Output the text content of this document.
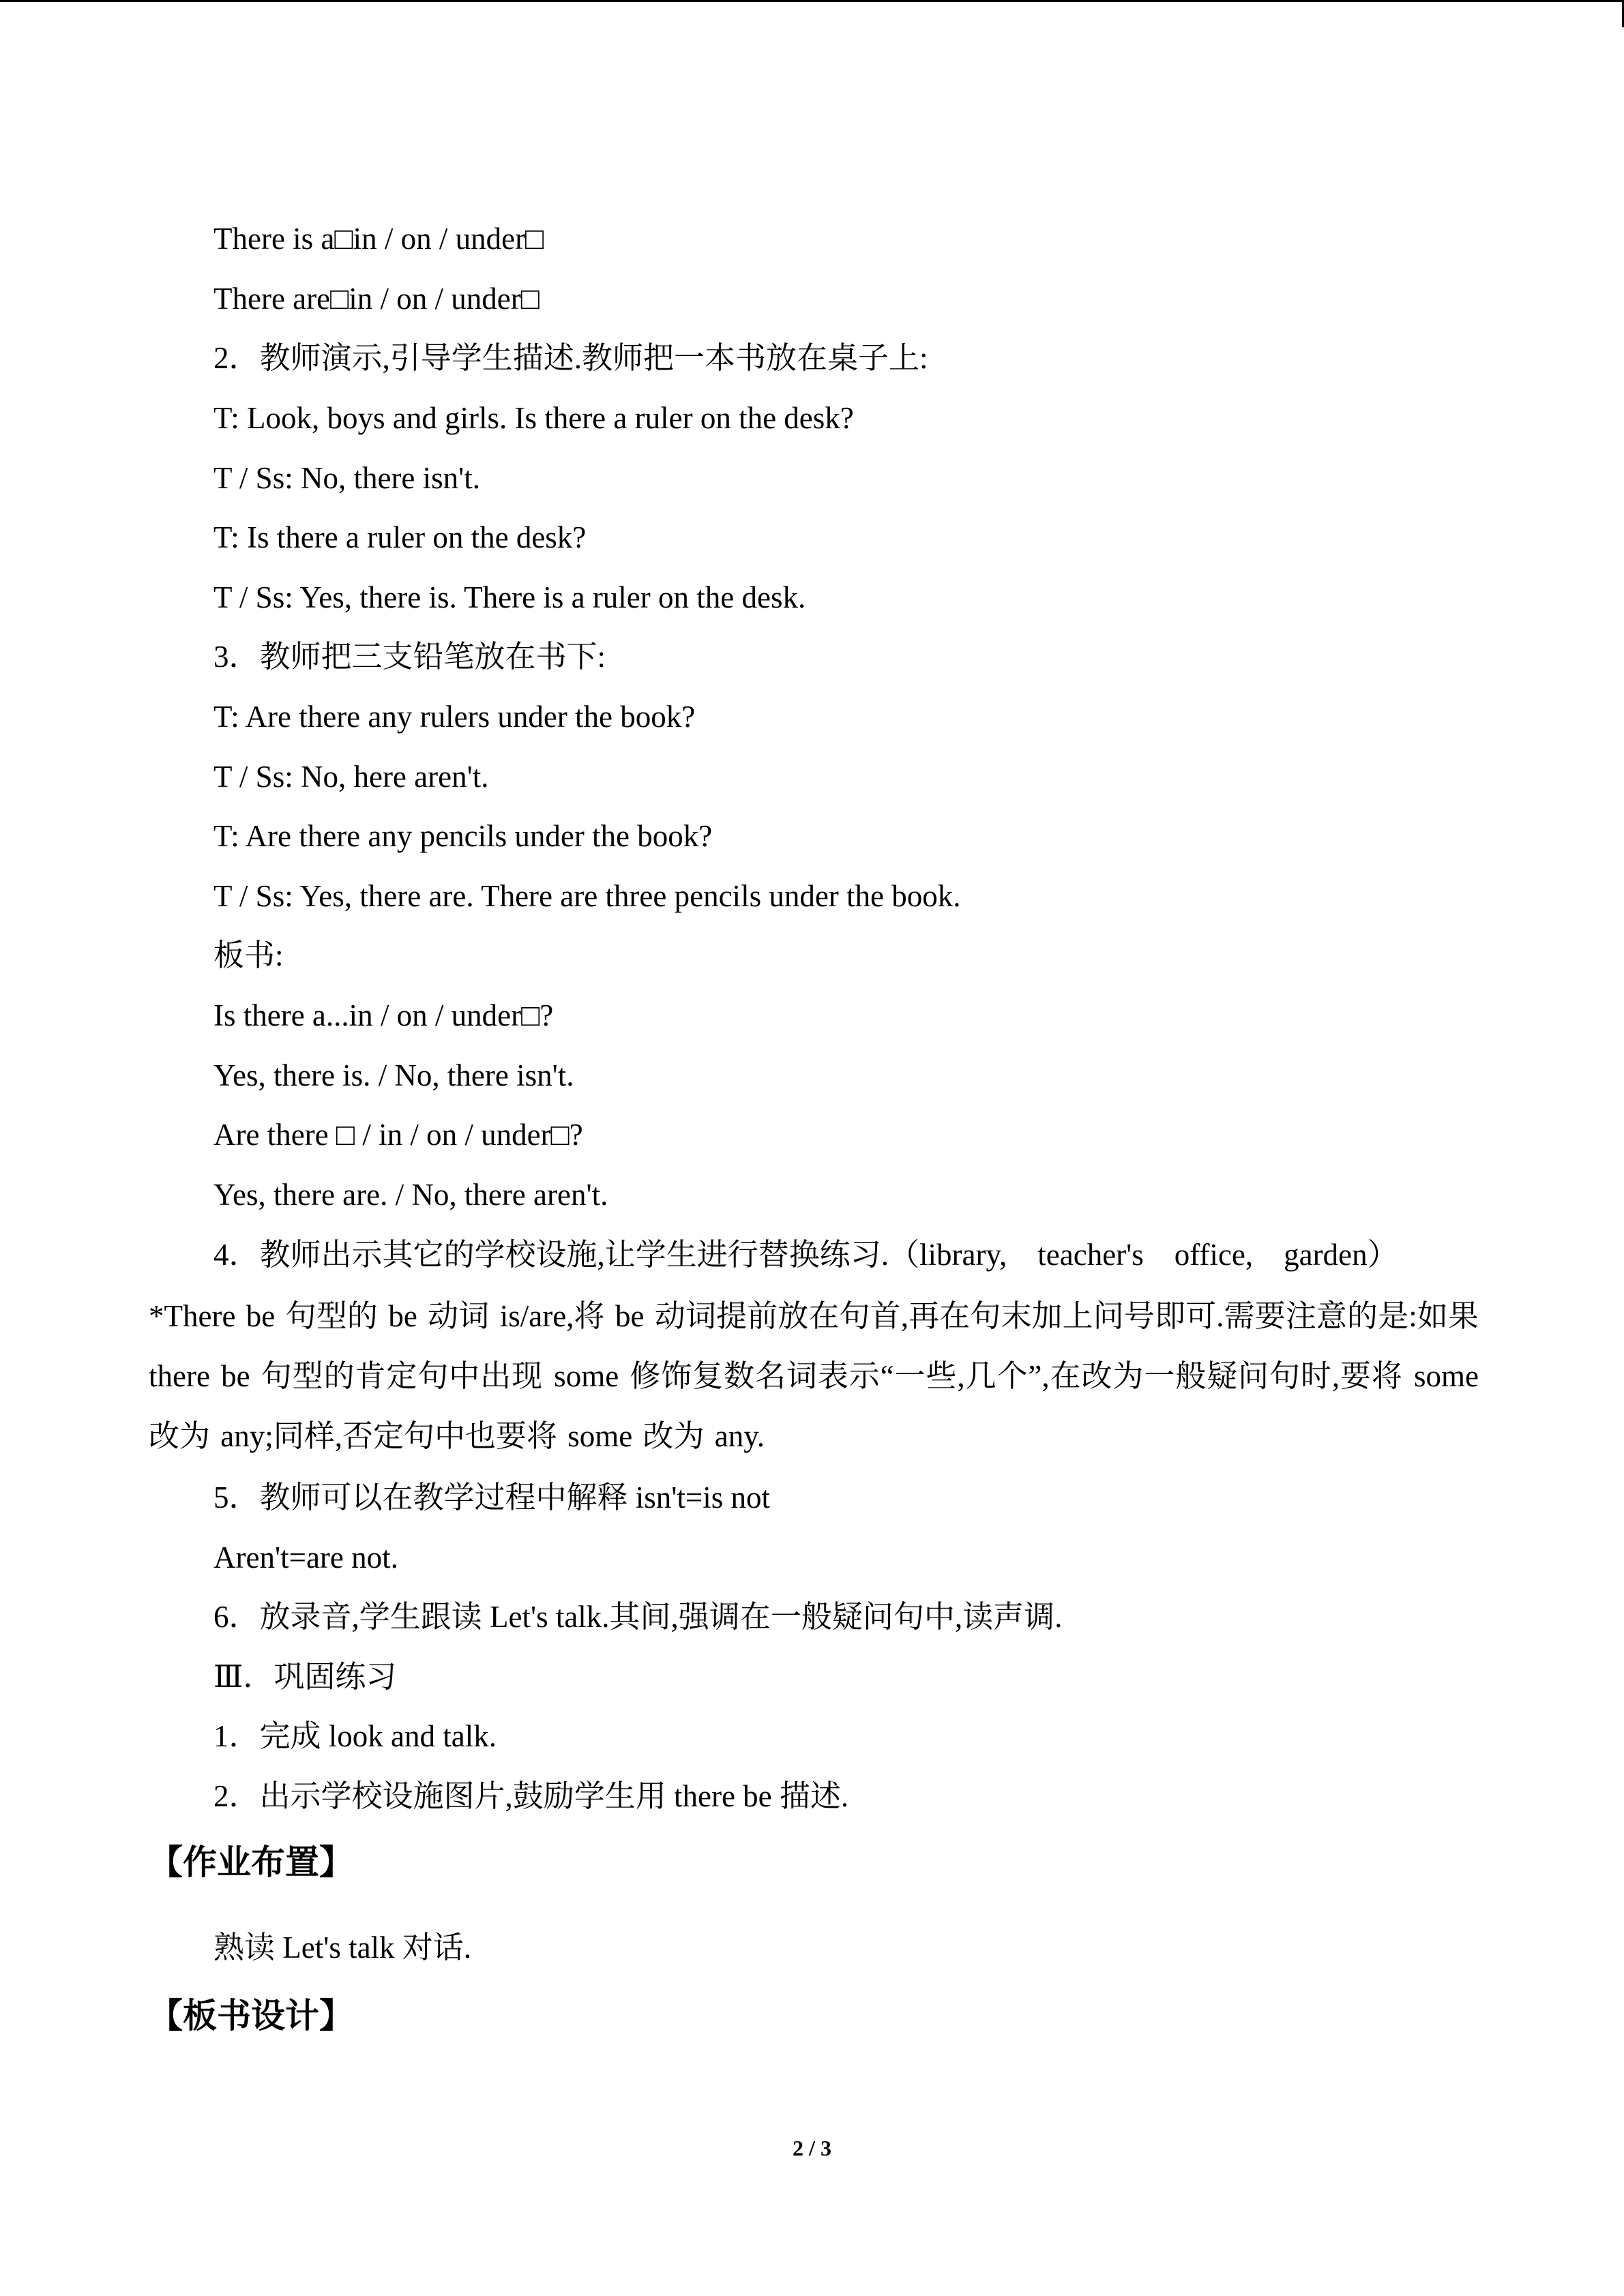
There is a□in / on / under□
There are□in / on / under□
2．教师演示,引导学生描述.教师把一本书放在桌子上:
T: Look, boys and girls. Is there a ruler on the desk?
T / Ss: No, there isn't.
T: Is there a ruler on the desk?
T / Ss: Yes, there is. There is a ruler on the desk.
3．教师把三支铅笔放在书下:
T: Are there any rulers under the book?
T / Ss: No, here aren't.
T: Are there any pencils under the book?
T / Ss: Yes, there are. There are three pencils under the book.
板书:
Is there a...in / on / under□?
Yes, there is. / No, there isn't.
Are there □ / in / on / under□?
Yes, there are. / No, there aren't.
4．教师出示其它的学校设施,让学生进行替换练习.（library,　teacher's　office,　garden）
*There be 句型的 be 动词 is/are,将 be 动词提前放在句首,再在句末加上问号即可.需要注意的是:如果 there be 句型的肯定句中出现 some 修饰复数名词表示“一些,几个”,在改为一般疑问句时,要将 some 改为 any;同样,否定句中也要将 some 改为 any.
5．教师可以在教学过程中解释 isn't=is not
Aren't=are not.
6．放录音,学生跟读 Let's talk.其间,强调在一般疑问句中,读声调.
Ⅲ．巩固练习
1．完成 look and talk.
2．出示学校设施图片,鼓励学生用 there be 描述.
【作业布置】
熟读 Let's talk 对话.
【板书设计】
2 / 3
